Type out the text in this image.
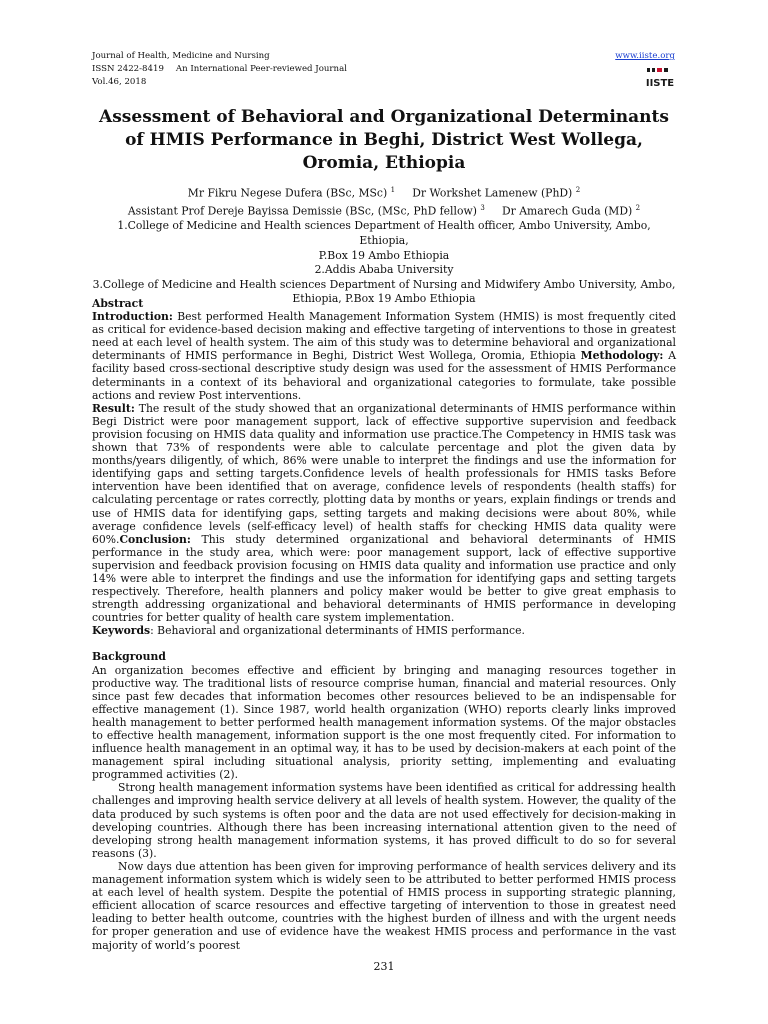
Journal of Health, Medicine and Nursing
ISSN 2422-8419 An International Peer-reviewed Journal
Vol.46, 2018
www.iiste.org
IISTE
Assessment of Behavioral and Organizational Determinants of HMIS Performance in Beghi, District West Wollega, Oromia, Ethiopia

Mr Fikru Negese Dufera (BSc, MSc) $^1$ Dr Workshet Lamenew (PhD) $^2$

Assistant Prof Dereje Bayissa Demissie (BSc, (MSc, PhD fellow) $^3$ Dr Amarech Guda (MD) $^2$

1.College of Medicine and Health sciences Department of Health officer, Ambo University, Ambo, Ethiopia,

P.Box 19 Ambo Ethiopia

2.Addis Ababa University

3.College of Medicine and Health sciences Department of Nursing and Midwifery Ambo University, Ambo,

Ethiopia, P.Box 19 Ambo Ethiopia

Abstract

Introduction: Best performed Health Management Information System (HMIS) is most frequently cited as critical for evidence-based decision making and effective targeting of interventions to those in greatest need at each level of health system. The aim of this study was to determine behavioral and organizational determinants of HMIS performance in Beghi, District West Wollega, Oromia, Ethiopia Methodology: A facility based cross-sectional descriptive study design was used for the assessment of HMIS Performance determinants in a context of its behavioral and organizational categories to formulate, take possible actions and review Post interventions.

Result: The result of the study showed that an organizational determinants of HMIS performance within Begi District were poor management support, lack of effective supportive supervision and feedback provision focusing on HMIS data quality and information use practice.The Competency in HMIS task was shown that 73% of respondents were able to calculate percentage and plot the given data by months/years diligently, of which, 86% were unable to interpret the findings and use the information for identifying gaps and setting targets.Confidence levels of health professionals for HMIS tasks Before intervention have been identified that on average, confidence levels of respondents (health staffs) for calculating percentage or rates correctly, plotting data by months or years, explain findings or trends and use of HMIS data for identifying gaps, setting targets and making decisions were about 80%, while average confidence levels (self-efficacy level) of health staffs for checking HMIS data quality were 60%.Conclusion: This study determined organizational and behavioral determinants of HMIS performance in the study area, which were: poor management support, lack of effective supportive supervision and feedback provision focusing on HMIS data quality and information use practice and only 14% were able to interpret the findings and use the information for identifying gaps and setting targets respectively. Therefore, health planners and policy maker would be better to give great emphasis to strength addressing organizational and behavioral determinants of HMIS performance in developing countries for better quality of health care system implementation.

Keywords: Behavioral and organizational determinants of HMIS performance.

Background

An organization becomes effective and efficient by bringing and managing resources together in productive way. The traditional lists of resource comprise human, financial and material resources. Only since past few decades that information becomes other resources believed to be an indispensable for effective management (1). Since 1987, world health organization (WHO) reports clearly links improved health management to better performed health management information systems. Of the major obstacles to effective health management, information support is the one most frequently cited. For information to influence health management in an optimal way, it has to be used by decision-makers at each point of the management spiral including situational analysis, priority setting, implementing and evaluating programmed activities (2).

Strong health management information systems have been identified as critical for addressing health challenges and improving health service delivery at all levels of health system. However, the quality of the data produced by such systems is often poor and the data are not used effectively for decision-making in developing countries. Although there has been increasing international attention given to the need of developing strong health management information systems, it has proved difficult to do so for several reasons (3).

Now days due attention has been given for improving performance of health services delivery and its management information system which is widely seen to be attributed to better performed HMIS process at each level of health system. Despite the potential of HMIS process in supporting strategic planning, efficient allocation of scarce resources and effective targeting of intervention to those in greatest need leading to better health outcome, countries with the highest burden of illness and with the urgent needs for proper generation and use of evidence have the weakest HMIS process and performance in the vast majority of world’s poorest

231
